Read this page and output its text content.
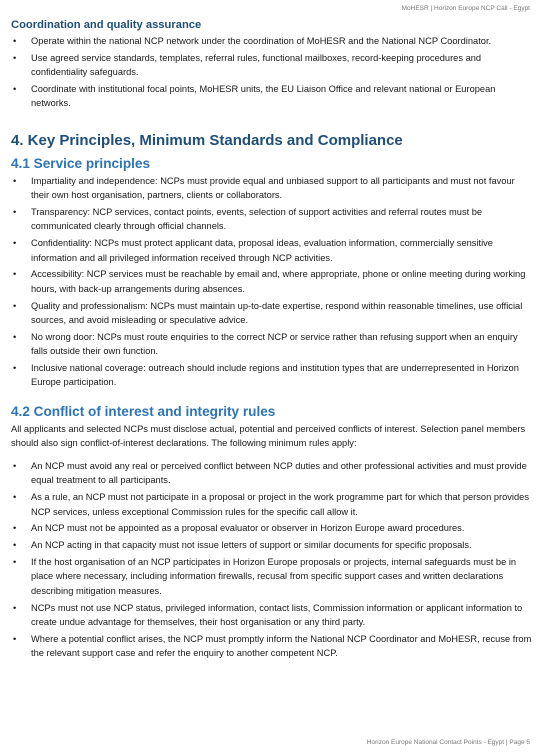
MoHESR | Horizon Europe NCP Call - Egypt
Coordination and quality assurance
• Operate within the national NCP network under the coordination of MoHESR and the National NCP Coordinator.
• Use agreed service standards, templates, referral rules, functional mailboxes, record-keeping procedures and confidentiality safeguards.
• Coordinate with institutional focal points, MoHESR units, the EU Liaison Office and relevant national or European networks.
4. Key Principles, Minimum Standards and Compliance
4.1 Service principles
• Impartiality and independence: NCPs must provide equal and unbiased support to all participants and must not favour their own host organisation, partners, clients or collaborators.
• Transparency: NCP services, contact points, events, selection of support activities and referral routes must be communicated clearly through official channels.
• Confidentiality: NCPs must protect applicant data, proposal ideas, evaluation information, commercially sensitive information and all privileged information received through NCP activities.
• Accessibility: NCP services must be reachable by email and, where appropriate, phone or online meeting during working hours, with back-up arrangements during absences.
• Quality and professionalism: NCPs must maintain up-to-date expertise, respond within reasonable timelines, use official sources, and avoid misleading or speculative advice.
• No wrong door: NCPs must route enquiries to the correct NCP or service rather than refusing support when an enquiry falls outside their own function.
• Inclusive national coverage: outreach should include regions and institution types that are underrepresented in Horizon Europe participation.
4.2 Conflict of interest and integrity rules

All applicants and selected NCPs must disclose actual, potential and perceived conflicts of interest. Selection panel members should also sign conflict-of-interest declarations. The following minimum rules apply:

• An NCP must avoid any real or perceived conflict between NCP duties and other professional activities and must provide equal treatment to all participants.
• As a rule, an NCP must not participate in a proposal or project in the work programme part for which that person provides NCP services, unless exceptional Commission rules for the specific call allow it.
• An NCP must not be appointed as a proposal evaluator or observer in Horizon Europe award procedures.
• An NCP acting in that capacity must not issue letters of support or similar documents for specific proposals.
• If the host organisation of an NCP participates in Horizon Europe proposals or projects, internal safeguards must be in place where necessary, including information firewalls, recusal from specific support cases and written declarations describing mitigation measures.
• NCPs must not use NCP status, privileged information, contact lists, Commission information or applicant information to create undue advantage for themselves, their host organisation or any third party.
• Where a potential conflict arises, the NCP must promptly inform the National NCP Coordinator and MoHESR, recuse from the relevant support case and refer the enquiry to another competent NCP.
Horizon Europe National Contact Points - Egypt | Page 5
